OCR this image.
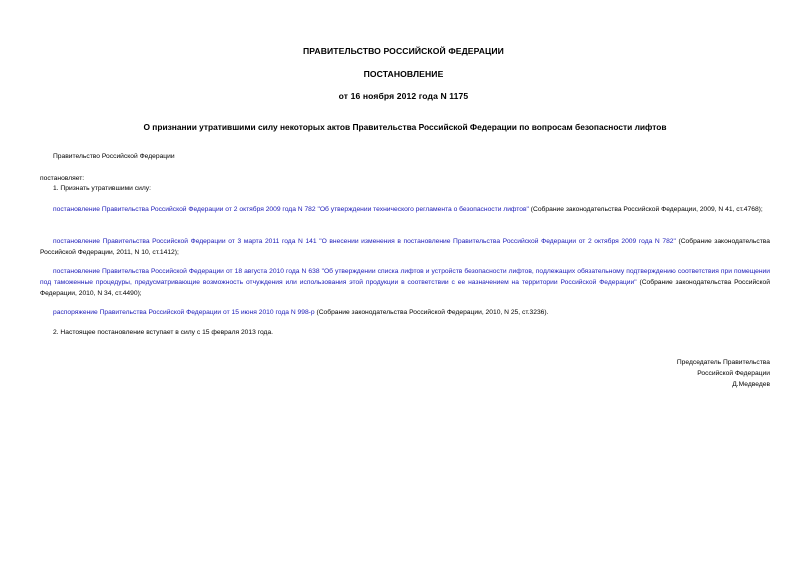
ПРАВИТЕЛЬСТВО РОССИЙСКОЙ ФЕДЕРАЦИИ
ПОСТАНОВЛЕНИЕ
от 16 ноября 2012 года N 1175
О признании утратившими силу некоторых актов Правительства Российской Федерации по вопросам безопасности лифтов
Правительство Российской Федерации
постановляет:
1. Признать утратившими силу:
постановление Правительства Российской Федерации от 2 октября 2009 года N 782 "Об утверждении технического регламента о безопасности лифтов" (Собрание законодательства Российской Федерации, 2009, N 41, ст.4768);
постановление Правительства Российской Федерации от 3 марта 2011 года N 141 "О внесении изменения в постановление Правительства Российской Федерации от 2 октября 2009 года N 782" (Собрание законодательства Российской Федерации, 2011, N 10, ст.1412);
постановление Правительства Российской Федерации от 18 августа 2010 года N 638 "Об утверждении списка лифтов и устройств безопасности лифтов, подлежащих обязательному подтверждению соответствия при помещении под таможенные процедуры, предусматривающие возможность отчуждения или использования этой продукции в соответствии с ее назначением на территории Российской Федерации" (Собрание законодательства Российской Федерации, 2010, N 34, ст.4490);
распоряжение Правительства Российской Федерации от 15 июня 2010 года N 998-р (Собрание законодательства Российской Федерации, 2010, N 25, ст.3236).
2. Настоящее постановление вступает в силу с 15 февраля 2013 года.
Председатель Правительства
Российской Федерации
Д.Медведев
